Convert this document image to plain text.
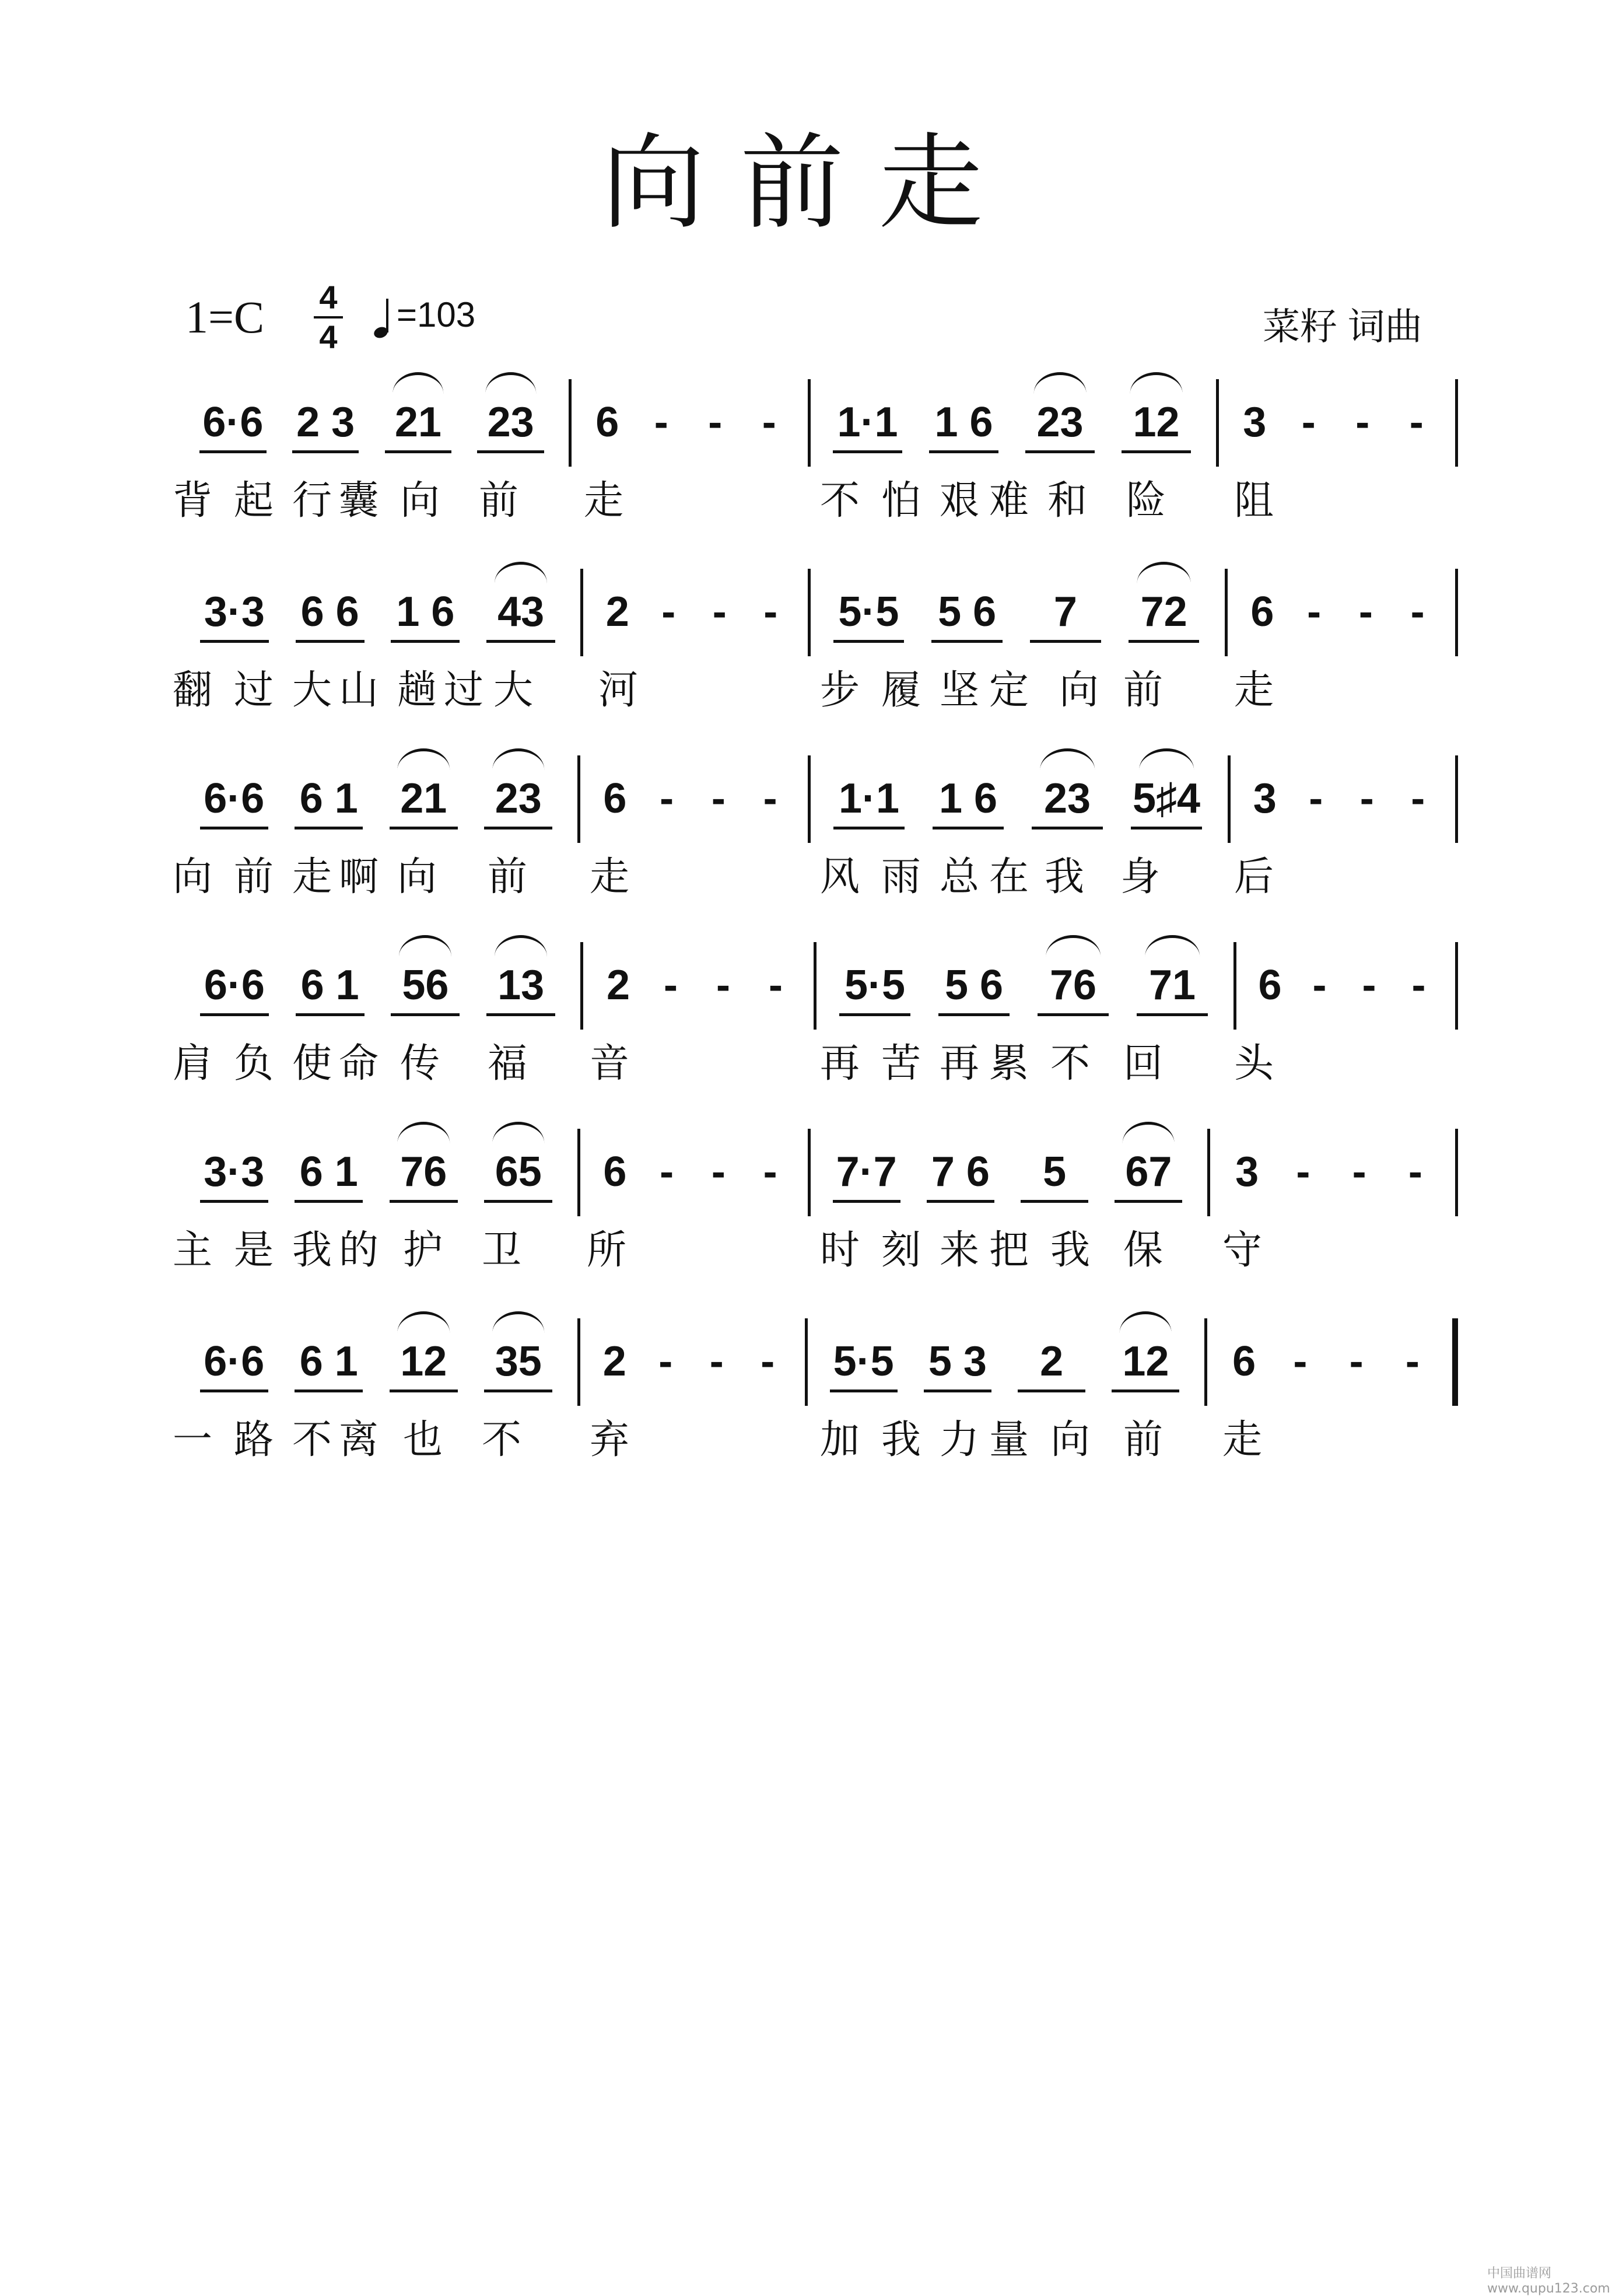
向前走
1=C 4
4
=103	菜籽 词曲
6·6 2 3 21 23 6 - - - 1·1 1 6 23 12 3 - - -
背 起 行 囊 向 前 走	不 怕 艰 难 和 险 阻
3·3 6 6 1 6 43 2 - - - 5·5 5 6 7 72 6 - - -
翻 过 大 山 趟 过 大 河	步 履 坚 定 向 前 走
6·6 6 1 21 23 6 - - - 1·1 1 6 23 5♯4 3 - - -
向 前 走 啊 向 前 走	风 雨 总 在 我 身 后
6·6 6 1 56 13 2 - - - 5·5 5 6 76 71 6 - - -
肩 负 使 命 传 福 音	再 苦 再 累 不 回 头
3·3 6 1 76 65 6 - - - 7·7 7 6 5 67 3 - - -
主 是 我 的 护 卫 所	时 刻 来 把 我 保 守
6·6 6 1 12 35 2 - - - 5·5 5 3 2 12 6 - - -
一 路 不 离 也 不 弃	加 我 力 量 向 前 走
中国曲谱网 www.qupu123.com
